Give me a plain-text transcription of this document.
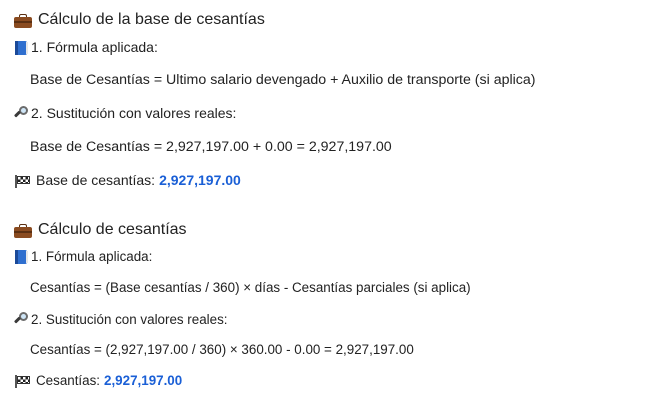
Cálculo de la base de cesantías
1. Fórmula aplicada:
Base de Cesantías = Ultimo salario devengado + Auxilio de transporte (si aplica)
2. Sustitución con valores reales:
Base de Cesantías = 2,927,197.00 + 0.00 = 2,927,197.00
Base de cesantías: 2,927,197.00
Cálculo de cesantías
1. Fórmula aplicada:
Cesantías = (Base cesantías / 360) × días - Cesantías parciales (si aplica)
2. Sustitución con valores reales:
Cesantías = (2,927,197.00 / 360) × 360.00 - 0.00 = 2,927,197.00
Cesantías: 2,927,197.00
